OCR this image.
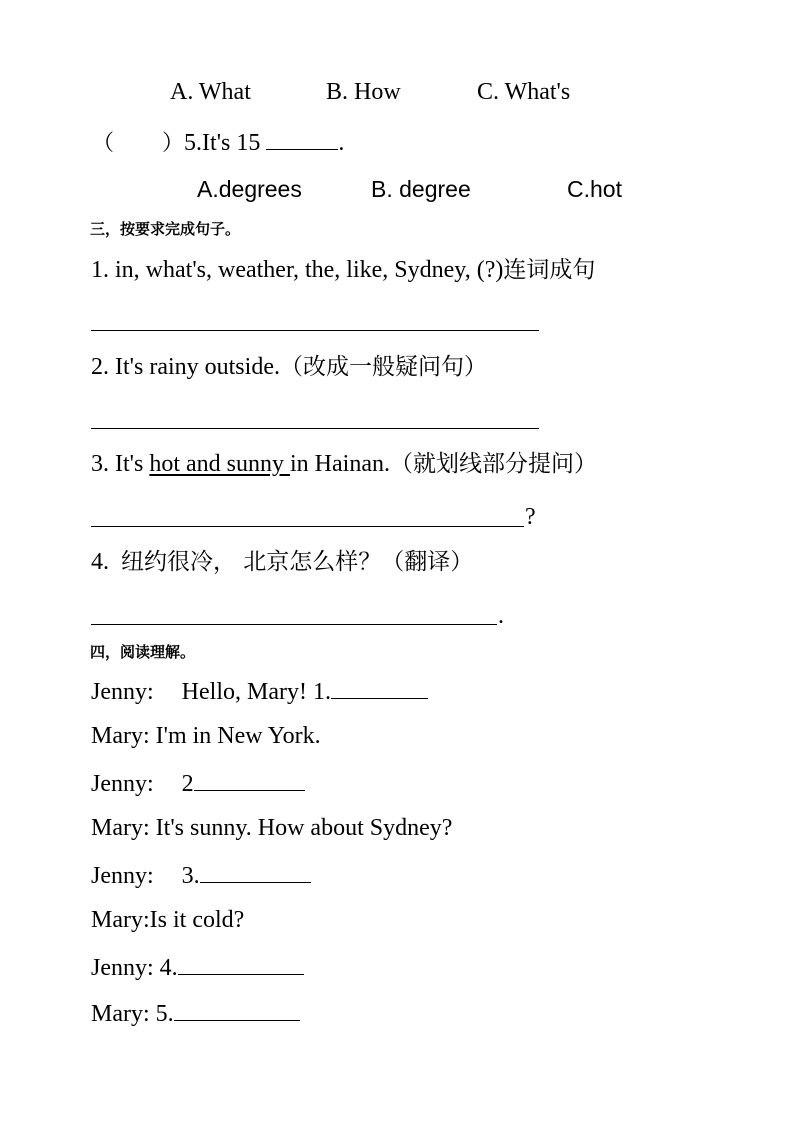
A. What	B. How	C. What's
（ ）5.It's 15	.
A.degrees	B. degree	C.hot
三，按要求完成句子。
1. in, what's, weather, the, like, Sydney, (?)连词成句
2. It's rainy outside.（改成一般疑问句）
3. It's hot and sunny in Hainan.（就划线部分提问）
?
4. 纽约很冷， 北京怎么样？（翻译）
.
四，阅读理解。
Jenny: Hello, Mary! 1.
Mary: I'm in New York.
Jenny: 2
Mary: It's sunny. How about Sydney?
Jenny: 3.
Mary:Is it cold?
Jenny: 4.
Mary: 5.
